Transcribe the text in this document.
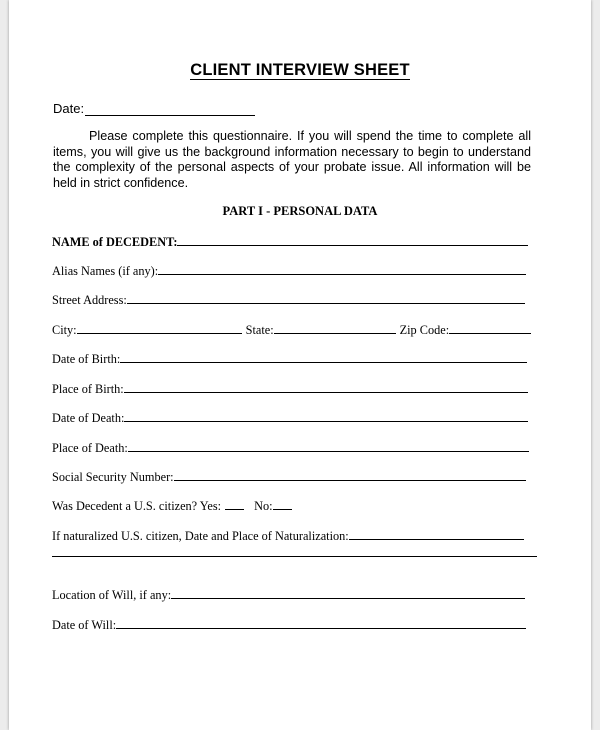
CLIENT INTERVIEW SHEET
Date:
Please complete this questionnaire. If you will spend the time to complete all items, you will give us the background information necessary to begin to understand the complexity of the personal aspects of your probate issue. All information will be held in strict confidence.
PART I - PERSONAL DATA
NAME of DECEDENT:
Alias Names (if any):
Street Address:
City:	State:	Zip Code:
Date of Birth:
Place of Birth:
Date of Death:
Place of Death:
Social Security Number:
Was Decedent a U.S. citizen? Yes:	No:
If naturalized U.S. citizen, Date and Place of Naturalization:
Location of Will, if any:
Date of Will:
